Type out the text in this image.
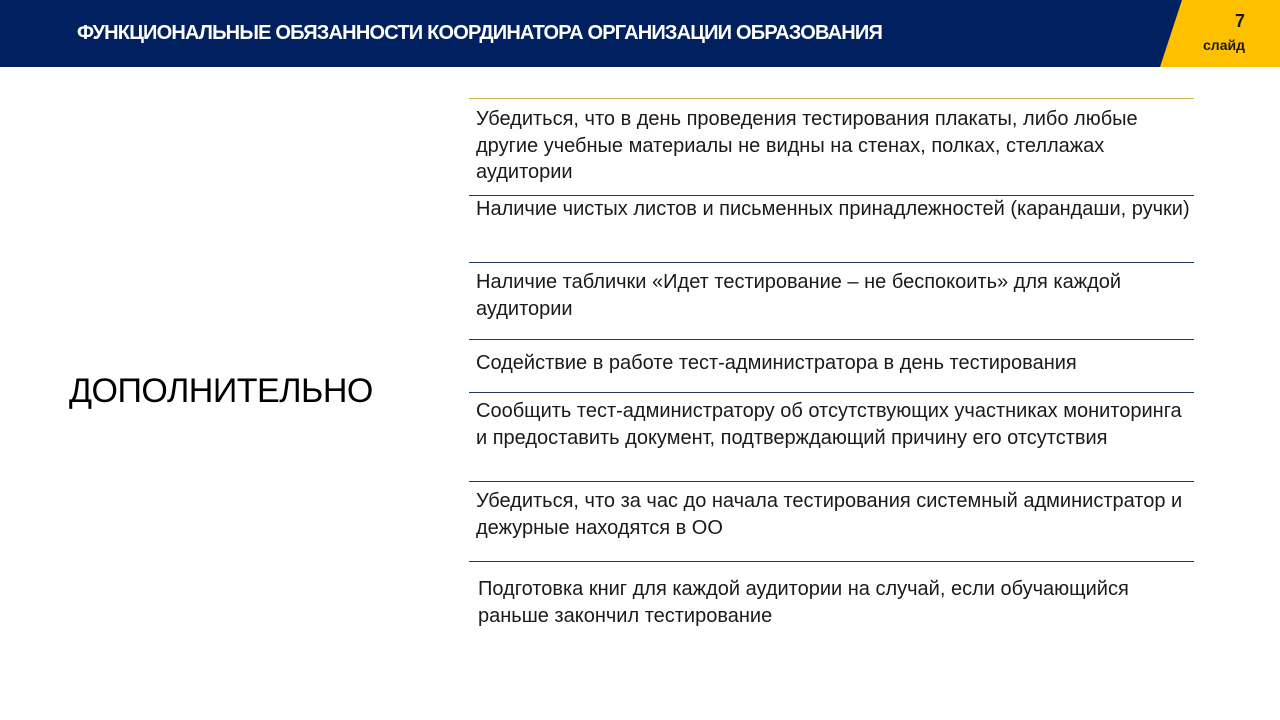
ФУНКЦИОНАЛЬНЫЕ ОБЯЗАННОСТИ КООРДИНАТОРА ОРГАНИЗАЦИИ ОБРАЗОВАНИЯ
7
слайд
ДОПОЛНИТЕЛЬНО
Убедиться, что в день проведения тестирования плакаты, либо любые другие учебные материалы не видны на стенах, полках, стеллажах аудитории
Наличие чистых листов и письменных принадлежностей (карандаши, ручки)
Наличие таблички «Идет тестирование – не беспокоить» для каждой аудитории
Содействие в работе тест-администратора в день тестирования
Сообщить тест-администратору об отсутствующих участниках мониторинга и предоставить документ, подтверждающий причину его отсутствия
Убедиться, что за час до начала тестирования системный администратор и дежурные находятся в ОО
Подготовка книг для каждой аудитории на случай, если обучающийся раньше закончил тестирование
